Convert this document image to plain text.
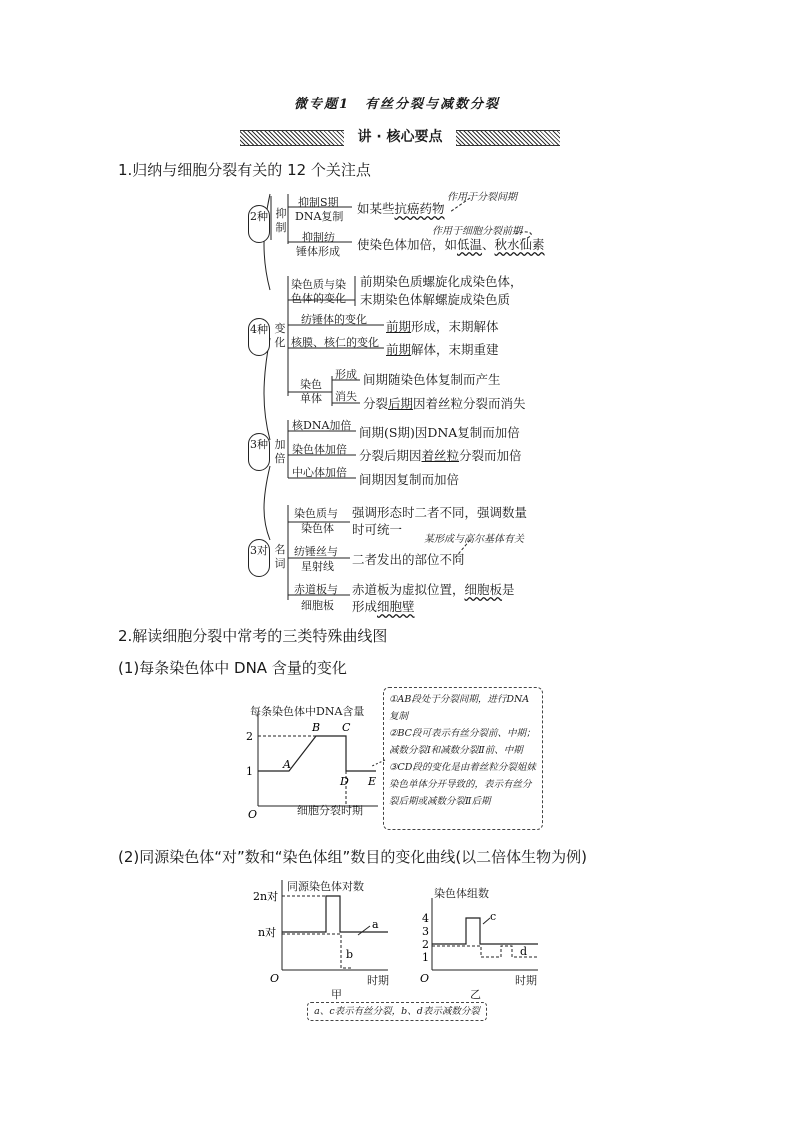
微专题1　有丝分裂与减数分裂
讲 · 核心要点
1.归纳与细胞分裂有关的 12 个关注点
2种 抑制
抑制S期
DNA复制
抑制纺
锤体形成
如某些抗癌药物
作用于分裂间期
作用于细胞分裂前期
使染色体加倍，如低温、秋水仙素
4种 变化
染色质与染
色体的变化
前期染色质螺旋化成染色体，
末期染色体解螺旋成染色质
纺锤体的变化 前期形成，末期解体
核膜、核仁的变化 前期解体，末期重建
染色
单体
形成
消失
间期随染色体复制而产生
分裂后期因着丝粒分裂而消失
3种 加倍
核DNA加倍 间期(S期)因DNA复制而加倍
染色体加倍 分裂后期因着丝粒分裂而加倍
中心体加倍 间期因复制而加倍
3对 名词
染色质与
染色体
强调形态时二者不同，强调数量
时可统一
某形成与高尔基体有关
纺锤丝与
星射线 二者发出的部位不同
赤道板与
细胞板
赤道板为虚拟位置，细胞板是
形成细胞壁
2.解读细胞分裂中常考的三类特殊曲线图
(1)每条染色体中 DNA 含量的变化
(2)同源染色体“对”数和“染色体组”数目的变化曲线(以二倍体生物为例)
1
2
O
A
B C
D E
每条染色体中DNA含量
细胞分裂时期
①AB段处于分裂间期，进行DNA复制
②BC段可表示有丝分裂前、中期；减数分裂Ⅰ和减数分裂Ⅱ前、中期
③CD段的变化是由着丝粒分裂姐妹染色单体分开导致的，表示有丝分裂后期或减数分裂Ⅱ后期
2n对
n对
O
a
b	1
2
3
4
O
c
d
同源染色体对数
时期
染色体组数
时期
甲	乙
a、c表示有丝分裂，b、d表示减数分裂
